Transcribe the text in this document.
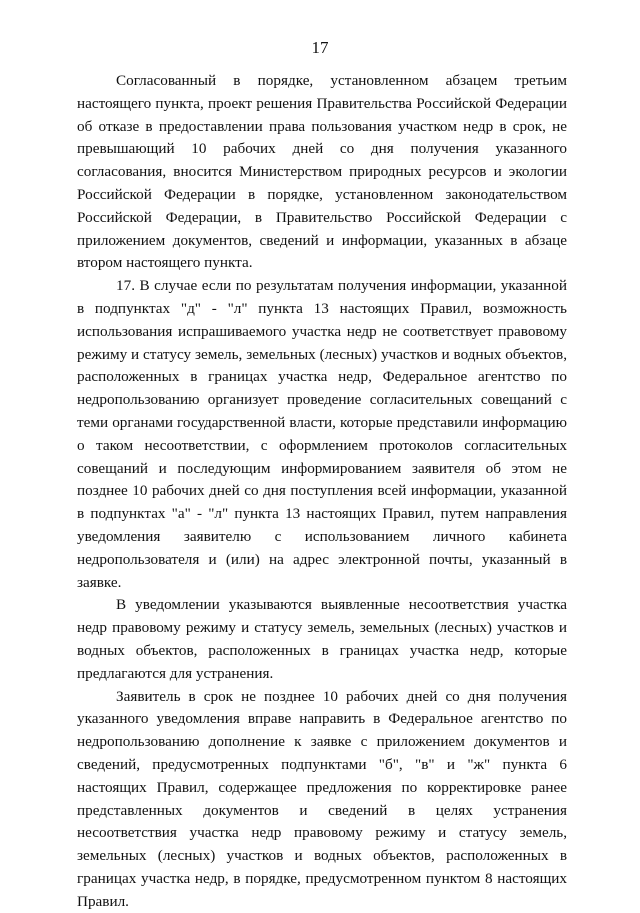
17

Согласованный в порядке, установленном абзацем третьим настоящего пункта, проект решения Правительства Российской Федерации об отказе в предоставлении права пользования участком недр в срок, не превышающий 10 рабочих дней со дня получения указанного согласования, вносится Министерством природных ресурсов и экологии Российской Федерации в порядке, установленном законодательством Российской Федерации, в Правительство Российской Федерации с приложением документов, сведений и информации, указанных в абзаце втором настоящего пункта.

17. В случае если по результатам получения информации, указанной в подпунктах "д" - "л" пункта 13 настоящих Правил, возможность использования испрашиваемого участка недр не соответствует правовому режиму и статусу земель, земельных (лесных) участков и водных объектов, расположенных в границах участка недр, Федеральное агентство по недропользованию организует проведение согласительных совещаний с теми органами государственной власти, которые представили информацию о таком несоответствии, с оформлением протоколов согласительных совещаний и последующим информированием заявителя об этом не позднее 10 рабочих дней со дня поступления всей информации, указанной в подпунктах "а" - "л" пункта 13 настоящих Правил, путем направления уведомления заявителю с использованием личного кабинета недропользователя и (или) на адрес электронной почты, указанный в заявке.

В уведомлении указываются выявленные несоответствия участка недр правовому режиму и статусу земель, земельных (лесных) участков и водных объектов, расположенных в границах участка недр, которые предлагаются для устранения.

Заявитель в срок не позднее 10 рабочих дней со дня получения указанного уведомления вправе направить в Федеральное агентство по недропользованию дополнение к заявке с приложением документов и сведений, предусмотренных подпунктами "б", "в" и "ж" пункта 6 настоящих Правил, содержащее предложения по корректировке ранее представленных документов и сведений в целях устранения несоответствия участка недр правовому режиму и статусу земель, земельных (лесных) участков и водных объектов, расположенных в границах участка недр, в порядке, предусмотренном пунктом 8 настоящих Правил.
